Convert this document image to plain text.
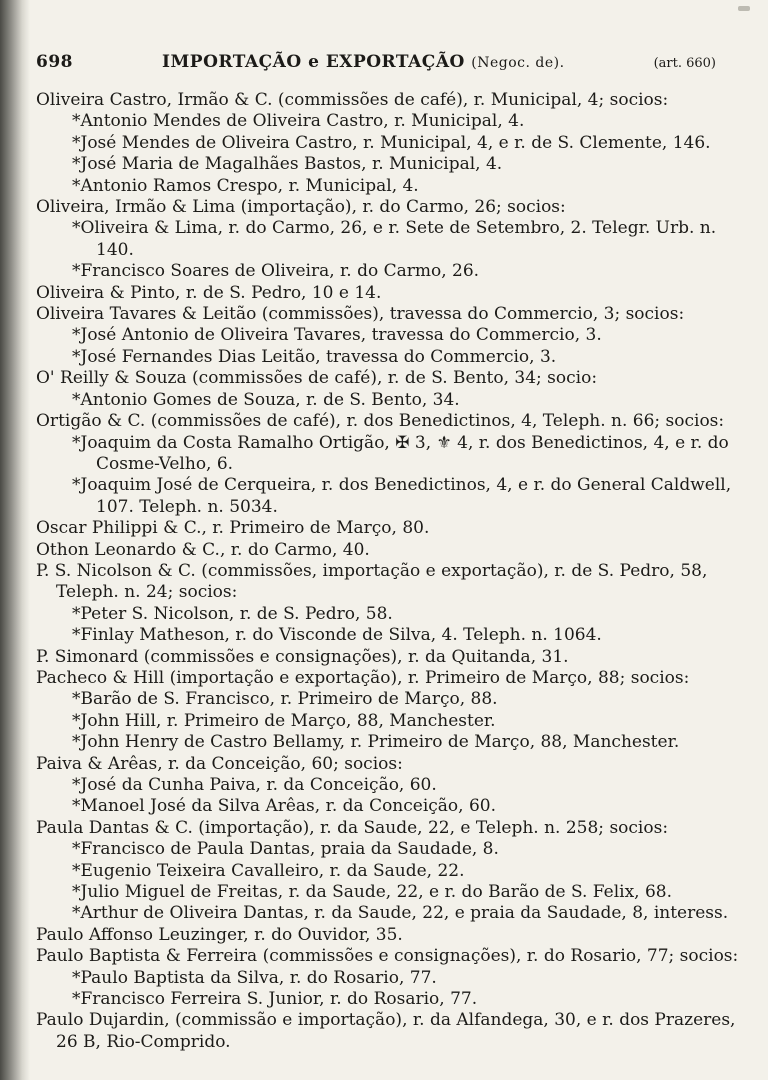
698	IMPORTAÇÃO e EXPORTAÇÃO (Negoc. de).	(art. 660)

Oliveira Castro, Irmão & C. (commissões de café), r. Municipal, 4; socios:

*Antonio Mendes de Oliveira Castro, r. Municipal, 4.

*José Mendes de Oliveira Castro, r. Municipal, 4, e r. de S. Clemente, 146.

*José Maria de Magalhães Bastos, r. Municipal, 4.

*Antonio Ramos Crespo, r. Municipal, 4.

Oliveira, Irmão & Lima (importação), r. do Carmo, 26; socios:

*Oliveira & Lima, r. do Carmo, 26, e r. Sete de Setembro, 2. Telegr. Urb. n. 140.

*Francisco Soares de Oliveira, r. do Carmo, 26.

Oliveira & Pinto, r. de S. Pedro, 10 e 14.

Oliveira Tavares & Leitão (commissões), travessa do Commercio, 3; socios:

*José Antonio de Oliveira Tavares, travessa do Commercio, 3.

*José Fernandes Dias Leitão, travessa do Commercio, 3.

O' Reilly & Souza (commissões de café), r. de S. Bento, 34; socio:

*Antonio Gomes de Souza, r. de S. Bento, 34.

Ortigão & C. (commissões de café), r. dos Benedictinos, 4, Teleph. n. 66; socios:

*Joaquim da Costa Ramalho Ortigão, ✠ 3, ⚜ 4, r. dos Benedictinos, 4, e r. do Cosme-Velho, 6.

*Joaquim José de Cerqueira, r. dos Benedictinos, 4, e r. do General Caldwell, 107. Teleph. n. 5034.

Oscar Philippi & C., r. Primeiro de Março, 80.

Othon Leonardo & C., r. do Carmo, 40.

P. S. Nicolson & C. (commissões, importação e exportação), r. de S. Pedro, 58, Teleph. n. 24; socios:

*Peter S. Nicolson, r. de S. Pedro, 58.

*Finlay Matheson, r. do Visconde de Silva, 4. Teleph. n. 1064.

P. Simonard (commissões e consignações), r. da Quitanda, 31.

Pacheco & Hill (importação e exportação), r. Primeiro de Março, 88; socios:

*Barão de S. Francisco, r. Primeiro de Março, 88.

*John Hill, r. Primeiro de Março, 88, Manchester.

*John Henry de Castro Bellamy, r. Primeiro de Março, 88, Manchester.

Paiva & Arêas, r. da Conceição, 60; socios:

*José da Cunha Paiva, r. da Conceição, 60.

*Manoel José da Silva Arêas, r. da Conceição, 60.

Paula Dantas & C. (importação), r. da Saude, 22, e Teleph. n. 258; socios:

*Francisco de Paula Dantas, praia da Saudade, 8.

*Eugenio Teixeira Cavalleiro, r. da Saude, 22.

*Julio Miguel de Freitas, r. da Saude, 22, e r. do Barão de S. Felix, 68.

*Arthur de Oliveira Dantas, r. da Saude, 22, e praia da Saudade, 8, interess.

Paulo Affonso Leuzinger, r. do Ouvidor, 35.

Paulo Baptista & Ferreira (commissões e consignações), r. do Rosario, 77; socios:

*Paulo Baptista da Silva, r. do Rosario, 77.

*Francisco Ferreira S. Junior, r. do Rosario, 77.

Paulo Dujardin, (commissão e importação), r. da Alfandega, 30, e r. dos Prazeres, 26 B, Rio-Comprido.
